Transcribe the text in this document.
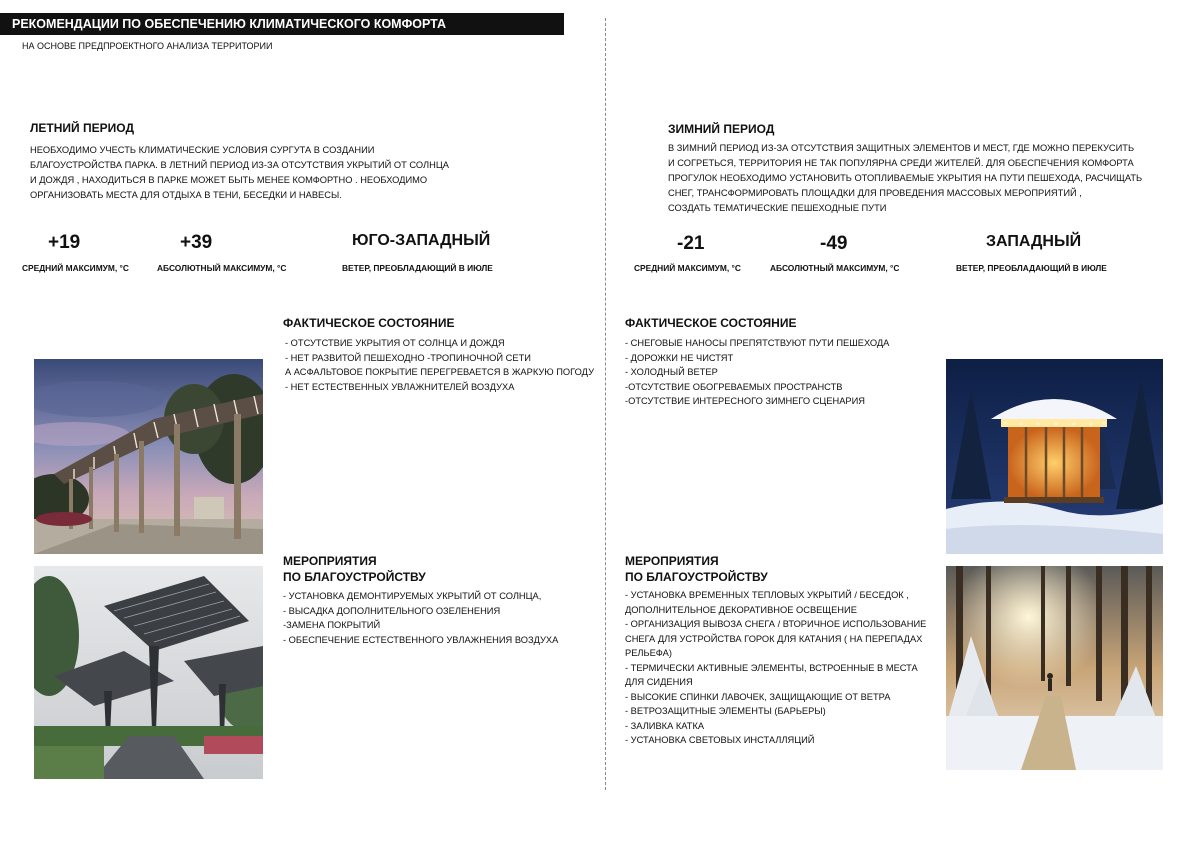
РЕКОМЕНДАЦИИ ПО ОБЕСПЕЧЕНИЮ КЛИМАТИЧЕСКОГО КОМФОРТА
НА ОСНОВЕ ПРЕДПРОЕКТНОГО АНАЛИЗА ТЕРРИТОРИИ
ЛЕТНИЙ ПЕРИОД
НЕОБХОДИМО УЧЕСТЬ КЛИМАТИЧЕСКИЕ УСЛОВИЯ СУРГУТА В СОЗДАНИИ
БЛАГОУСТРОЙСТВА ПАРКА. В ЛЕТНИЙ ПЕРИОД ИЗ-ЗА ОТСУТСТВИЯ УКРЫТИЙ ОТ СОЛНЦА
И ДОЖДЯ , НАХОДИТЬСЯ В ПАРКЕ МОЖЕТ БЫТЬ МЕНЕЕ КОМФОРТНО . НЕОБХОДИМО
ОРГАНИЗОВАТЬ МЕСТА ДЛЯ ОТДЫХА В ТЕНИ, БЕСЕДКИ И НАВЕСЫ.
+19
СРЕДНИЙ МАКСИМУМ, °С
+39
АБСОЛЮТНЫЙ МАКСИМУМ, °С
ЮГО-ЗАПАДНЫЙ
ВЕТЕР, ПРЕОБЛАДАЮЩИЙ В ИЮЛЕ
ФАКТИЧЕСКОЕ СОСТОЯНИЕ
- ОТСУТСТВИЕ УКРЫТИЯ ОТ СОЛНЦА И ДОЖДЯ
- НЕТ РАЗВИТОЙ ПЕШЕХОДНО -ТРОПИНОЧНОЙ СЕТИ
А АСФАЛЬТОВОЕ ПОКРЫТИЕ ПЕРЕГРЕВАЕТСЯ В ЖАРКУЮ ПОГОДУ
- НЕТ ЕСТЕСТВЕННЫХ УВЛАЖНИТЕЛЕЙ ВОЗДУХА
МЕРОПРИЯТИЯ
ПО БЛАГОУСТРОЙСТВУ
- УСТАНОВКА ДЕМОНТИРУЕМЫХ УКРЫТИЙ ОТ СОЛНЦА,
- ВЫСАДКА ДОПОЛНИТЕЛЬНОГО ОЗЕЛЕНЕНИЯ
-ЗАМЕНА ПОКРЫТИЙ
- ОБЕСПЕЧЕНИЕ ЕСТЕСТВЕННОГО УВЛАЖНЕНИЯ ВОЗДУХА
ЗИМНИЙ ПЕРИОД
В ЗИМНИЙ ПЕРИОД ИЗ-ЗА ОТСУТСТВИЯ ЗАЩИТНЫХ ЭЛЕМЕНТОВ И МЕСТ, ГДЕ МОЖНО ПЕРЕКУСИТЬ
И СОГРЕТЬСЯ, ТЕРРИТОРИЯ НЕ ТАК ПОПУЛЯРНА СРЕДИ ЖИТЕЛЕЙ. ДЛЯ ОБЕСПЕЧЕНИЯ КОМФОРТА
ПРОГУЛОК НЕОБХОДИМО УСТАНОВИТЬ ОТОПЛИВАЕМЫЕ УКРЫТИЯ НА ПУТИ ПЕШЕХОДА, РАСЧИЩАТЬ
СНЕГ, ТРАНСФОРМИРОВАТЬ ПЛОЩАДКИ ДЛЯ ПРОВЕДЕНИЯ МАССОВЫХ МЕРОПРИЯТИЙ ,
СОЗДАТЬ ТЕМАТИЧЕСКИЕ ПЕШЕХОДНЫЕ ПУТИ
-21
СРЕДНИЙ МАКСИМУМ, °С
-49
АБСОЛЮТНЫЙ МАКСИМУМ, °С
ЗАПАДНЫЙ
ВЕТЕР, ПРЕОБЛАДАЮЩИЙ В ИЮЛЕ
ФАКТИЧЕСКОЕ СОСТОЯНИЕ
- СНЕГОВЫЕ НАНОСЫ ПРЕПЯТСТВУЮТ ПУТИ ПЕШЕХОДА
- ДОРОЖКИ НЕ ЧИСТЯТ
- ХОЛОДНЫЙ ВЕТЕР
-ОТСУТСТВИЕ ОБОГРЕВАЕМЫХ ПРОСТРАНСТВ
-ОТСУТСТВИЕ ИНТЕРЕСНОГО ЗИМНЕГО СЦЕНАРИЯ
МЕРОПРИЯТИЯ
ПО БЛАГОУСТРОЙСТВУ
- УСТАНОВКА ВРЕМЕННЫХ ТЕПЛОВЫХ УКРЫТИЙ / БЕСЕДОК ,
ДОПОЛНИТЕЛЬНОЕ ДЕКОРАТИВНОЕ ОСВЕЩЕНИЕ
- ОРГАНИЗАЦИЯ ВЫВОЗА СНЕГА / ВТОРИЧНОЕ ИСПОЛЬЗОВАНИЕ
СНЕГА ДЛЯ УСТРОЙСТВА ГОРОК ДЛЯ КАТАНИЯ ( НА ПЕРЕПАДАХ
РЕЛЬЕФА)
- ТЕРМИЧЕСКИ АКТИВНЫЕ ЭЛЕМЕНТЫ, ВСТРОЕННЫЕ В МЕСТА
ДЛЯ СИДЕНИЯ
- ВЫСОКИЕ СПИНКИ ЛАВОЧЕК, ЗАЩИЩАЮЩИЕ ОТ ВЕТРА
- ВЕТРОЗАЩИТНЫЕ ЭЛЕМЕНТЫ (БАРЬЕРЫ)
- ЗАЛИВКА КАТКА
- УСТАНОВКА СВЕТОВЫХ ИНСТАЛЛЯЦИЙ
